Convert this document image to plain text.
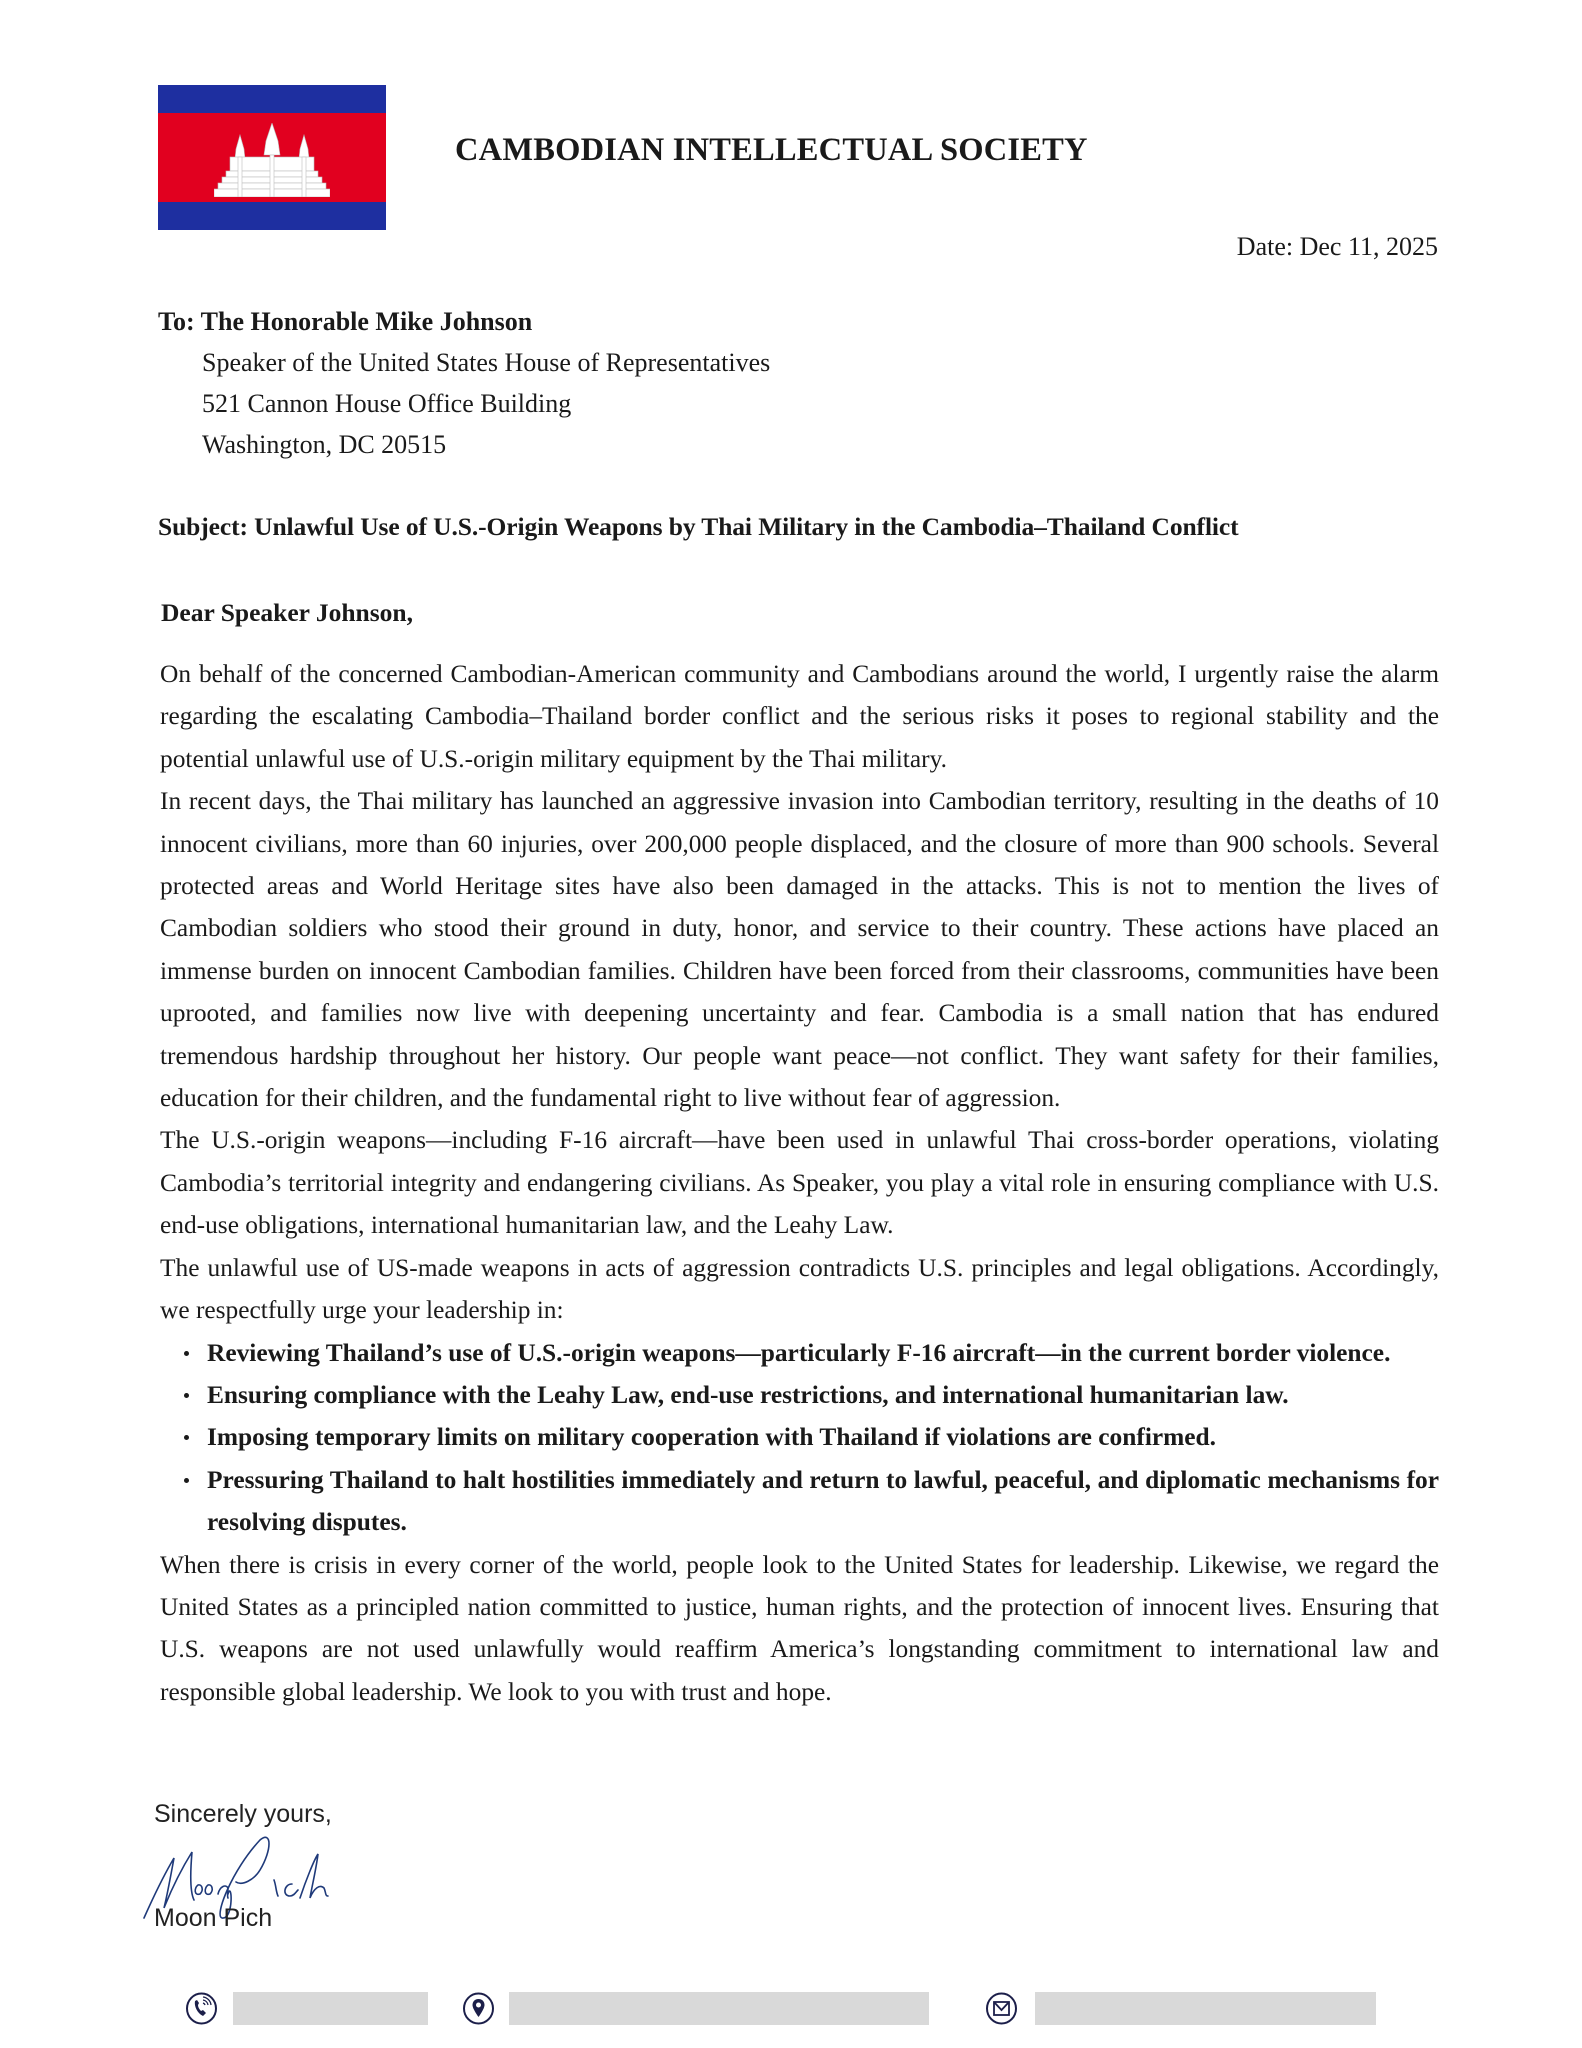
CAMBODIAN INTELLECTUAL SOCIETY
Date: Dec 11, 2025
To: The Honorable Mike Johnson
Speaker of the United States House of Representatives
521 Cannon House Office Building
Washington, DC 20515
Subject: Unlawful Use of U.S.-Origin Weapons by Thai Military in the Cambodia–Thailand Conflict
Dear Speaker Johnson,

On behalf of the concerned Cambodian-American community and Cambodians around the world, I urgently raise the alarm regarding the escalating Cambodia–Thailand border conflict and the serious risks it poses to regional stability and the potential unlawful use of U.S.-origin military equipment by the Thai military.

In recent days, the Thai military has launched an aggressive invasion into Cambodian territory, resulting in the deaths of 10 innocent civilians, more than 60 injuries, over 200,000 people displaced, and the closure of more than 900 schools. Several protected areas and World Heritage sites have also been damaged in the attacks. This is not to mention the lives of Cambodian soldiers who stood their ground in duty, honor, and service to their country. These actions have placed an immense burden on innocent Cambodian families. Children have been forced from their classrooms, communities have been uprooted, and families now live with deepening uncertainty and fear. Cambodia is a small nation that has endured tremendous hardship throughout her history. Our people want peace—not conflict. They want safety for their families, education for their children, and the fundamental right to live without fear of aggression.

The U.S.-origin weapons—including F-16 aircraft—have been used in unlawful Thai cross-border operations, violating Cambodia’s territorial integrity and endangering civilians. As Speaker, you play a vital role in ensuring compliance with U.S. end-use obligations, international humanitarian law, and the Leahy Law.

The unlawful use of US-made weapons in acts of aggression contradicts U.S. principles and legal obligations. Accordingly, we respectfully urge your leadership in:

Reviewing Thailand’s use of U.S.-origin weapons—particularly F-16 aircraft—in the current border violence.
Ensuring compliance with the Leahy Law, end-use restrictions, and international humanitarian law.
Imposing temporary limits on military cooperation with Thailand if violations are confirmed.
Pressuring Thailand to halt hostilities immediately and return to lawful, peaceful, and diplomatic mechanisms for resolving disputes.

When there is crisis in every corner of the world, people look to the United States for leadership. Likewise, we regard the United States as a principled nation committed to justice, human rights, and the protection of innocent lives. Ensuring that U.S. weapons are not used unlawfully would reaffirm America’s longstanding commitment to international law and responsible global leadership. We look to you with trust and hope.

Sincerely yours,
Moon Pich
